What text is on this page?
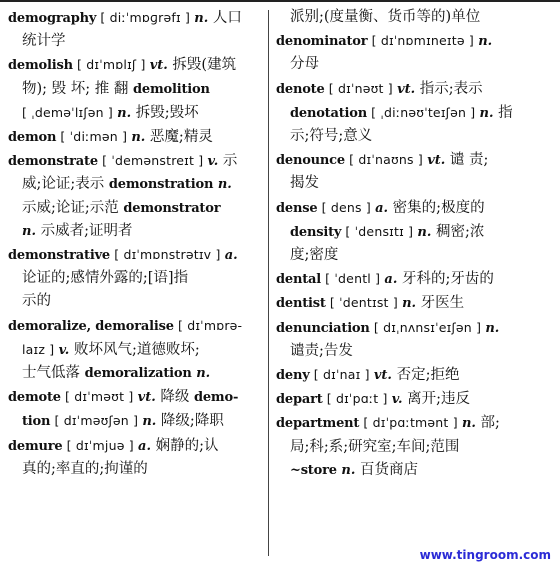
demography [ diːˈmɒɡrəfɪ ] n. 人口
统计学
demolish [ dɪˈmɒlɪʃ ] vt. 拆毁(建筑
物); 毁 坏; 推 翻 demolition
[ ˌdeməˈlɪʃən ] n. 拆毁;毁坏
demon [ ˈdiːmən ] n. 恶魔;精灵
demonstrate [ ˈdemənstreɪt ] v. 示
威;论证;表示 demonstration n.
示威;论证;示范 demonstrator
n. 示威者;证明者
demonstrative [ dɪˈmɒnstrətɪv ] a.
论证的;感情外露的;[语]指
示的
demoralize, demoralise [ dɪˈmɒrə-
laɪz ] v. 败坏风气;道德败坏;
士气低落 demoralization n.
demote [ dɪˈməʊt ] vt. 降级 demo-
tion [ dɪˈməʊʃən ] n. 降级;降职
demure [ dɪˈmjuə ] a. 娴静的;认
真的;率直的;拘谨的
派别;(度量衡、货币等的)单位
denominator [ dɪˈnɒmɪneɪtə ] n.
分母
denote [ dɪˈnəʊt ] vt. 指示;表示
denotation [ ˌdiːnəʊˈteɪʃən ] n. 指
示;符号;意义
denounce [ dɪˈnaʊns ] vt. 谴 责;
揭发
dense [ dens ] a. 密集的;极度的
density [ ˈdensɪtɪ ] n. 稠密;浓
度;密度
dental [ ˈdentl ] a. 牙科的;牙齿的
dentist [ ˈdentɪst ] n. 牙医生
denunciation [ dɪˌnʌnsɪˈeɪʃən ] n.
谴责;告发
deny [ dɪˈnaɪ ] vt. 否定;拒绝
depart [ dɪˈpɑːt ] v. 离开;违反
department [ dɪˈpɑːtmənt ] n. 部;
局;科;系;研究室;车间;范围
~store n. 百货商店
www.tingroom.com
